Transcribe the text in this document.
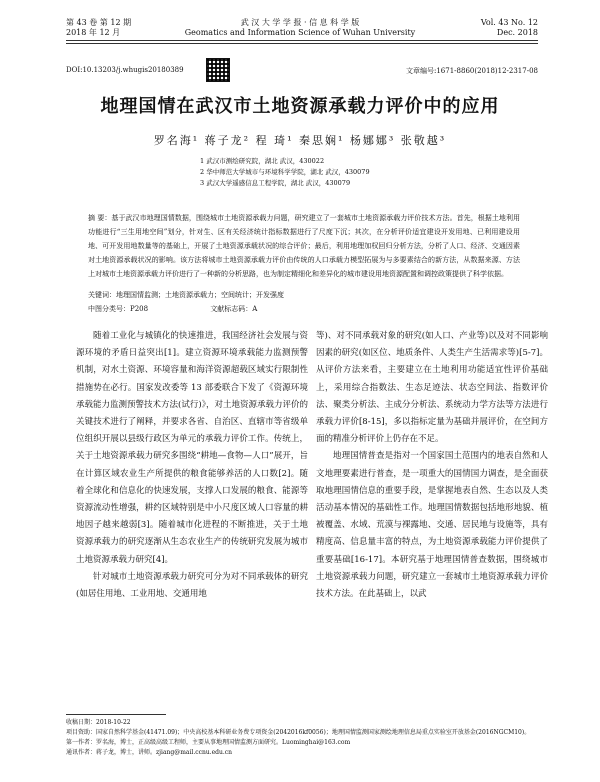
第 43 卷 第 12 期
2018 年 12 月
武 汉 大 学 学 报 · 信 息 科 学 版
Geomatics and Information Science of Wuhan University
Vol. 43 No. 12
Dec. 2018
DOI:10.13203/j.whugis20180389	文章编号:1671-8860(2018)12-2317-08
地理国情在武汉市土地资源承载力评价中的应用
罗名海¹ 蒋子龙² 程 琦¹ 秦思娴¹ 杨娜娜³ 张敬越³
1 武汉市测绘研究院，湖北 武汉，430022
2 华中师范大学城市与环境科学学院，湖北 武汉，430079
3 武汉大学遥感信息工程学院，湖北 武汉，430079
摘 要：基于武汉市地理国情数据，围绕城市土地资源承载力问题，研究建立了一套城市土地资源承载力评价技术方法。首先，根据土地利用功能进行“三生用地空间”划分，针对生、区有关经济统计指标数据进行了尺度下沉；其次，在分析评价适宜建设开发用地、已利用建设用地、可开发用地数量等的基础上，开展了土地资源承载状况的综合评价；最后，利用地理加权回归分析方法，分析了人口、经济、交通因素对土地资源承载状况的影响。该方法将城市土地资源承载力评价由传统的人口承载力模型拓展为与多要素结合的新方法，从数据来源、方法上对城市土地资源承载力评价进行了一种新的分析思路，也为制定精细化和差异化的城市建设用地资源配置和调控政策提供了科学依据。
关键词：地理国情监测；土地资源承载力；空间统计；开发强度
中图分类号：P208	文献标志码：A

随着工业化与城镇化的快速推进，我国经济社会发展与资源环境的矛盾日益突出[1]。建立资源环境承载能力监测预警机制，对水土资源、环境容量和海洋资源超载区域实行限制性措施势在必行。国家发改委等 13 部委联合下发了《资源环境承载能力监测预警技术方法(试行)》，对土地资源承载力评价的关键技术进行了阐释，并要求各省、自治区、直辖市等省级单位组织开展以县级行政区为单元的承载力评价工作。传统上，关于土地资源承载力研究多围绕“耕地—食物—人口”展开，旨在计算区域农业生产所提供的粮食能够养活的人口数[2]。随着全球化和信息化的快速发展，支撑人口发展的粮食、能源等资源流动性增强，耕约区域特别是中小尺度区域人口容量的耕地因子越来越弱[3]。随着城市化进程的不断推进，关于土地资源承载力的研究逐渐从生态农业生产的传统研究发展为城市土地资源承载力研究[4]。

针对城市土地资源承载力研究可分为对不同承载体的研究(如居住用地、工业用地、交通用地

等)、对不同承载对象的研究(如人口、产业等)以及对不同影响因素的研究(如区位、地质条件、人类生产生活需求等)[5-7]。从评价方法来看，主要建立在土地利用功能适宜性评价基础上，采用综合指数法、生态足迹法、状态空间法、指数评价法、聚类分析法、主成分分析法、系统动力学方法等方法进行承载力评价[8-15]，多以指标定量为基础并展评价，在空间方面的精准分析评价上仍存在不足。

地理国情普查是指对一个国家国土范围内的地表自然和人文地理要素进行普查，是一项重大的国情国力调查，是全面获取地理国情信息的重要手段，是掌握地表自然、生态以及人类活动基本情况的基础性工作。地理国情数据包括地形地貌、植被覆盖、水域、荒漠与裸露地、交通、居民地与设施等，具有精度高、信息量丰富的特点，为土地资源承载能力评价提供了重要基础[16-17]。本研究基于地理国情普查数据，围绕城市土地资源承载力问题，研究建立一套城市土地资源承载力评价技术方法。在此基础上，以武

收稿日期：2018-10-22
项目资助：国家自然科学基金(41471.09)；中央高校基本科研业务费专项资金(2042016kf0056)；地理国情监测国家测绘地理信息局重点实验室开放基金(2016NGCM10)。
第一作者：罗名海，博士，正高级高级工程师，主要从事地理国情监测方面研究。Luominghai@163.com
通讯作者：蒋子龙，博士，讲师。zjiang@mail.ccnu.edu.cn
